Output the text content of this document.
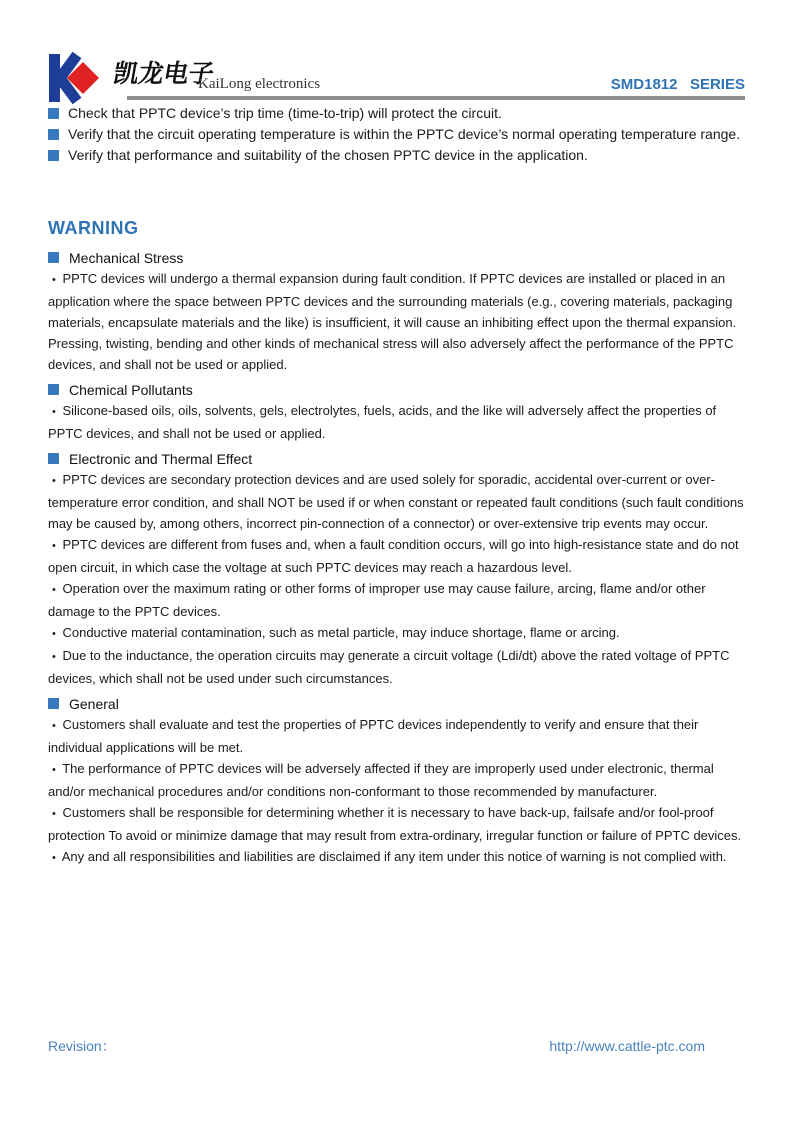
凯龙电子
KaiLong electronics	SMD1812   SERIES
Check that PPTC device’s trip time (time-to-trip) will protect the circuit.
Verify that the circuit operating temperature is within the PPTC device’s normal operating temperature range.
Verify that performance and suitability of the chosen PPTC device in the application.
WARNING
Mechanical Stress

• PPTC devices will undergo a thermal expansion during fault condition. If PPTC devices are installed or placed in an application where the space between PPTC devices and the surrounding materials (e.g., covering materials, packaging materials, encapsulate materials and the like) is insufficient, it will cause an inhibiting effect upon the thermal expansion. Pressing, twisting, bending and other kinds of mechanical stress will also adversely affect the performance of the PPTC devices, and shall not be used or applied.

Chemical Pollutants

• Silicone-based oils, oils, solvents, gels, electrolytes, fuels, acids, and the like will adversely affect the properties of PPTC devices, and shall not be used or applied.

Electronic and Thermal Effect

• PPTC devices are secondary protection devices and are used solely for sporadic, accidental over-current or over-temperature error condition, and shall NOT be used if or when constant or repeated fault conditions (such fault conditions may be caused by, among others, incorrect pin-connection of a connector) or over-extensive trip events may occur.

• PPTC devices are different from fuses and, when a fault condition occurs, will go into high-resistance state and do not open circuit, in which case the voltage at such PPTC devices may reach a hazardous level.

• Operation over the maximum rating or other forms of improper use may cause failure, arcing, flame and/or other damage to the PPTC devices.

• Conductive material contamination, such as metal particle, may induce shortage, flame or arcing.

• Due to the inductance, the operation circuits may generate a circuit voltage (Ldi/dt) above the rated voltage of PPTC devices, which shall not be used under such circumstances.

General

• Customers shall evaluate and test the properties of PPTC devices independently to verify and ensure that their individual applications will be met.

• The performance of PPTC devices will be adversely affected if they are improperly used under electronic, thermal and/or mechanical procedures and/or conditions non-conformant to those recommended by manufacturer.

• Customers shall be responsible for determining whether it is necessary to have back-up, failsafe and/or fool-proof protection To avoid or minimize damage that may result from extra-ordinary, irregular function or failure of PPTC devices.

• Any and all responsibilities and liabilities are disclaimed if any item under this notice of warning is not complied with.

Revision：	http://www.cattle-ptc.com
